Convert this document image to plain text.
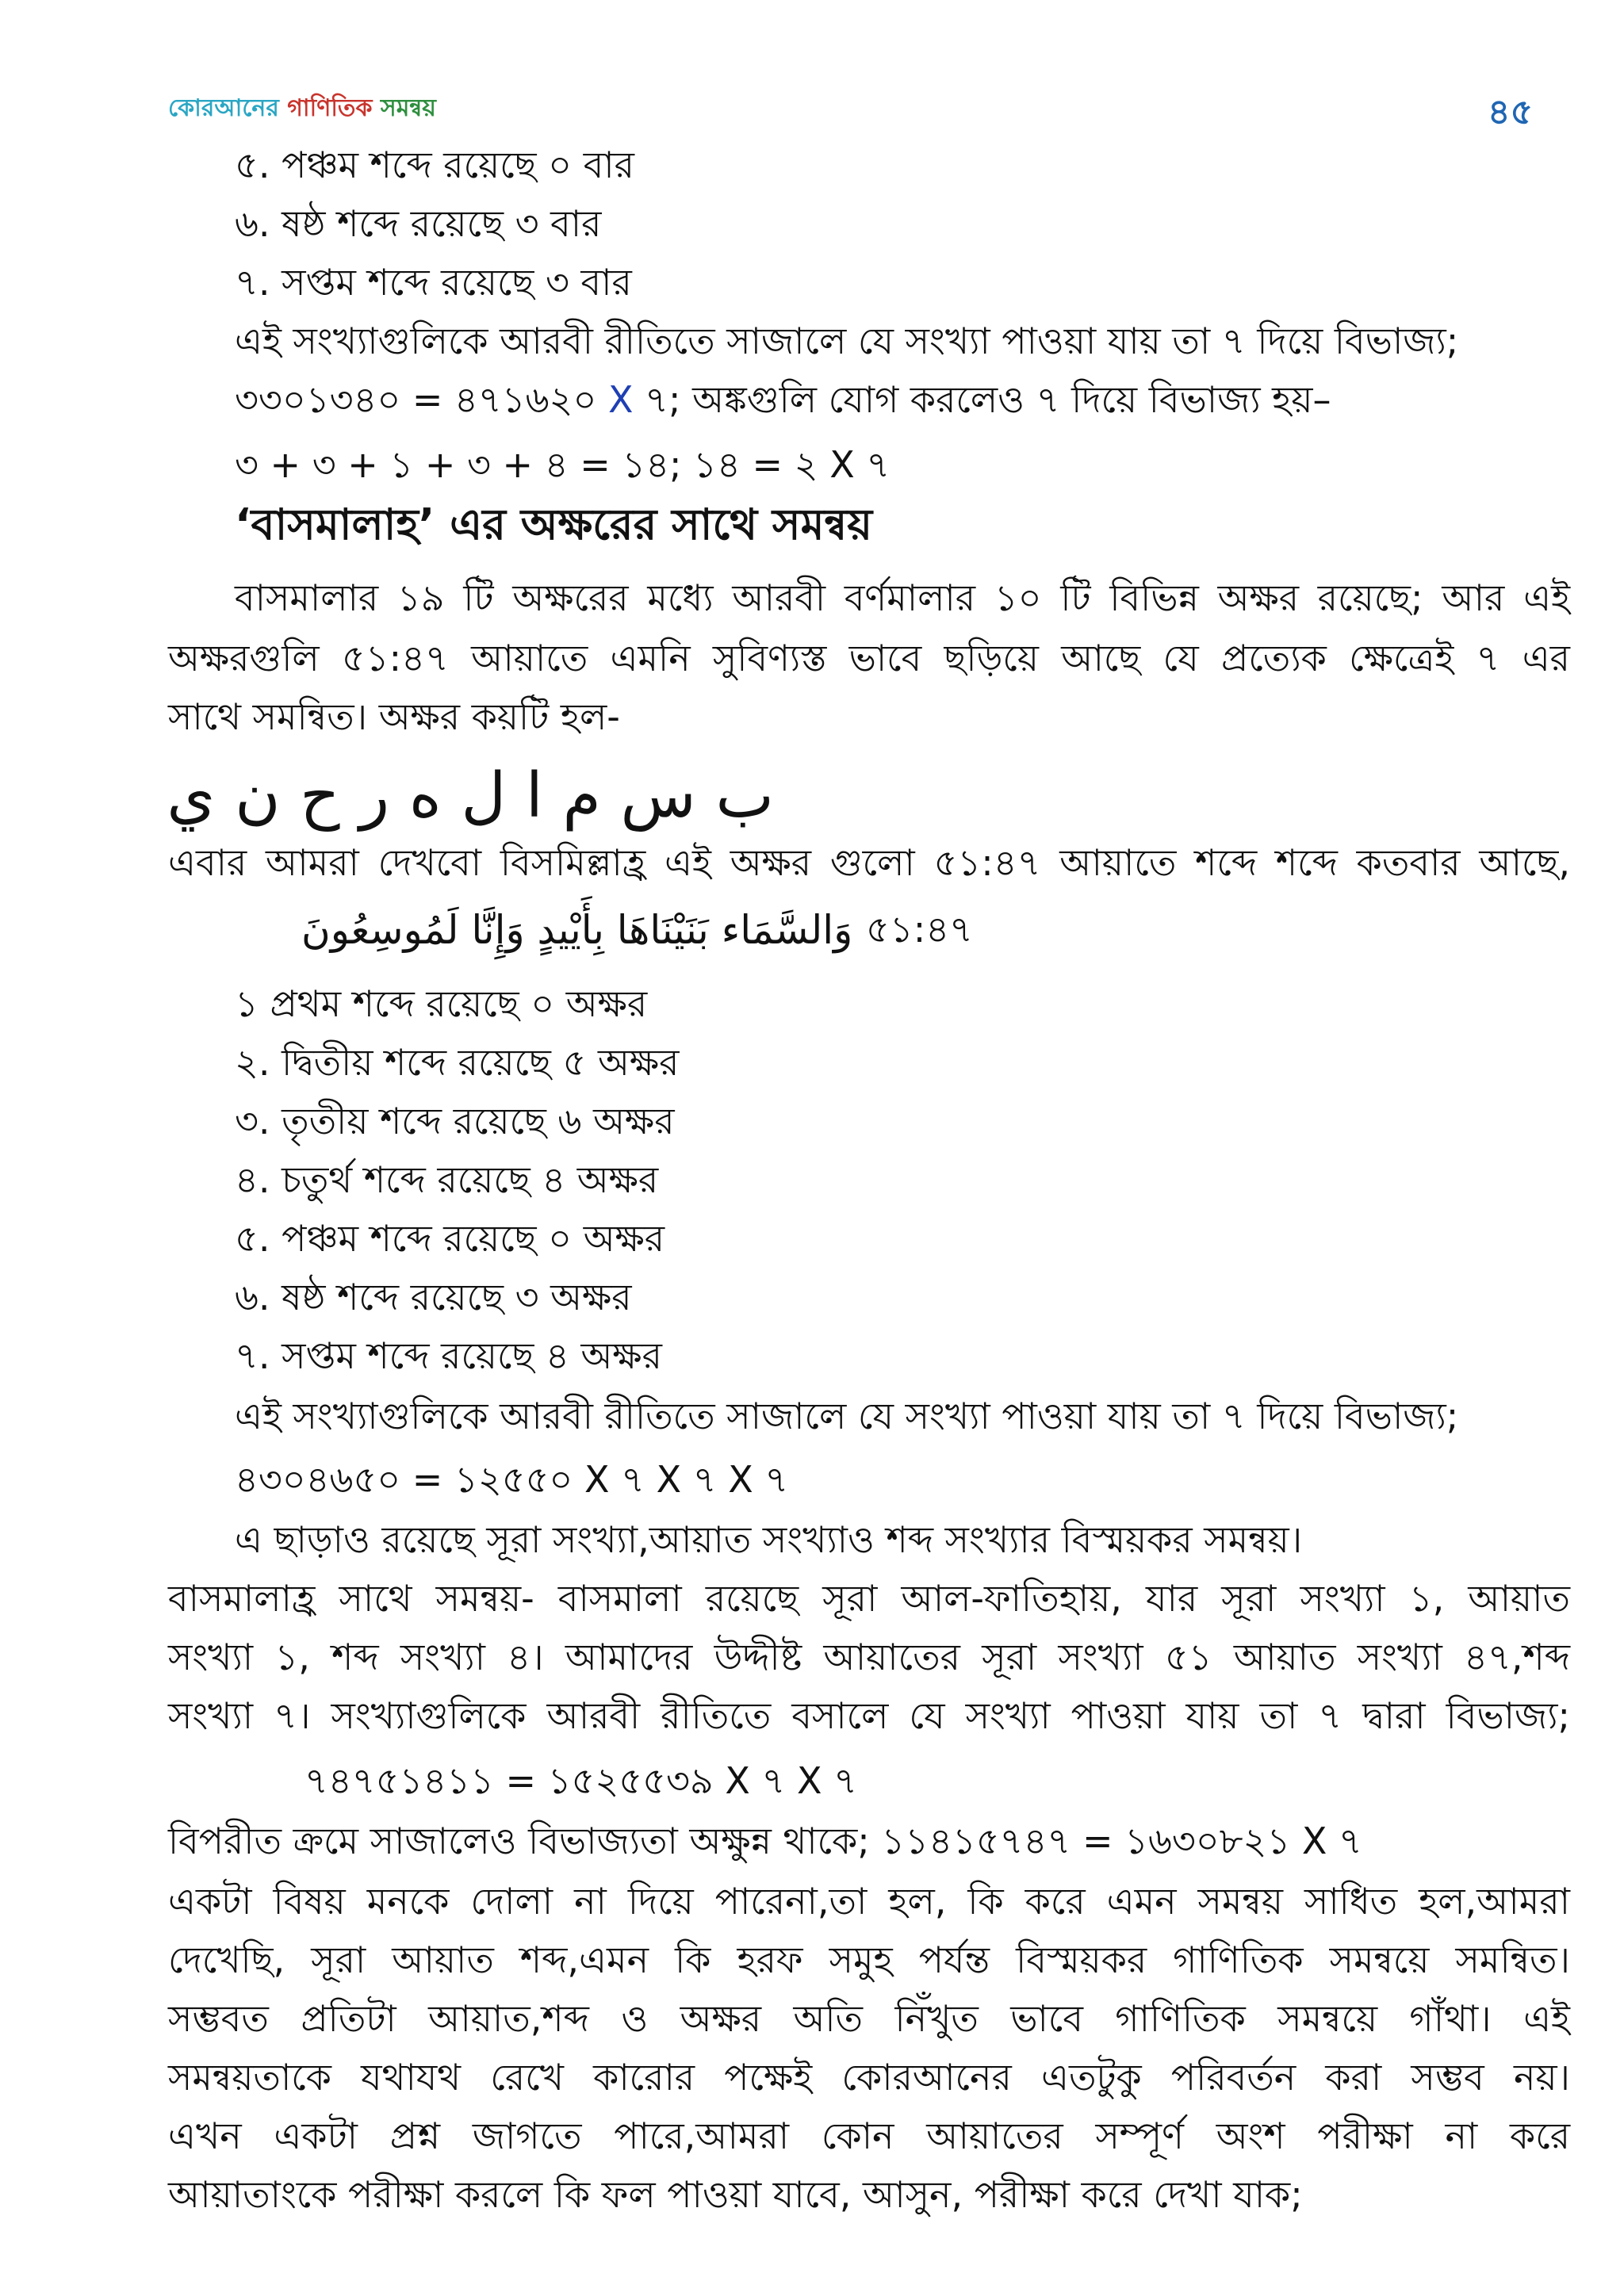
কোরআনের গাণিতিক সমন্বয়	৪৫
৫. পঞ্চম শব্দে রয়েছে ০ বার
৬. ষষ্ঠ শব্দে রয়েছে ৩ বার
৭. সপ্তম শব্দে রয়েছে ৩ বার
এই সংখ্যাগুলিকে আরবী রীতিতে সাজালে যে সংখ্যা পাওয়া যায় তা ৭ দিয়ে বিভাজ্য;
৩৩০১৩৪০ = ৪৭১৬২০ X ৭; অঙ্কগুলি যোগ করলেও ৭ দিয়ে বিভাজ্য হয়–
৩ + ৩ + ১ + ৩ + ৪ = ১৪; ১৪ = ২ X ৭
‘বাসমালাহ’ এর অক্ষরের সাথে সমন্বয়
বাসমালার ১৯ টি অক্ষরের মধ্যে আরবী বর্ণমালার ১০ টি বিভিন্ন অক্ষর রয়েছে; আর এই
অক্ষরগুলি ৫১:৪৭ আয়াতে এমনি সুবিণ্যস্ত ভাবে ছড়িয়ে আছে যে প্রত্যেক ক্ষেত্রেই ৭ এর
সাথে সমন্বিত। অক্ষর কয়টি হল-
ب س م ا ل ه ر ح ن ي
এবার আমরা দেখবো বিসমিল্লাহ্র এই অক্ষর গুলো ৫১:৪৭ আয়াতে শব্দে শব্দে কতবার আছে,
وَالسَّمَاء بَنَيْنَاهَا بِأَيْيدٍ وَإِنَّا لَمُوسِعُونَ ৫১:৪৭
১ প্রথম শব্দে রয়েছে ০ অক্ষর
২. দ্বিতীয় শব্দে রয়েছে ৫ অক্ষর
৩. তৃতীয় শব্দে রয়েছে ৬ অক্ষর
৪. চতুর্থ শব্দে রয়েছে ৪ অক্ষর
৫. পঞ্চম শব্দে রয়েছে ০ অক্ষর
৬. ষষ্ঠ শব্দে রয়েছে ৩ অক্ষর
৭. সপ্তম শব্দে রয়েছে ৪ অক্ষর
এই সংখ্যাগুলিকে আরবী রীতিতে সাজালে যে সংখ্যা পাওয়া যায় তা ৭ দিয়ে বিভাজ্য;
৪৩০৪৬৫০ = ১২৫৫০ X ৭ X ৭ X ৭
এ ছাড়াও রয়েছে সূরা সংখ্যা,আয়াত সংখ্যাও শব্দ সংখ্যার বিস্ময়কর সমন্বয়।
বাসমালাহ্র সাথে সমন্বয়- বাসমালা রয়েছে সূরা আল-ফাতিহায়, যার সূরা সংখ্যা ১, আয়াত
সংখ্যা ১, শব্দ সংখ্যা ৪। আমাদের উদ্দীষ্ট আয়াতের সূরা সংখ্যা ৫১ আয়াত সংখ্যা ৪৭,শব্দ
সংখ্যা ৭। সংখ্যাগুলিকে আরবী রীতিতে বসালে যে সংখ্যা পাওয়া যায় তা ৭ দ্বারা বিভাজ্য;
৭৪৭৫১৪১১ = ১৫২৫৫৩৯ X ৭ X ৭
বিপরীত ক্রমে সাজালেও বিভাজ্যতা অক্ষুন্ন থাকে; ১১৪১৫৭৪৭ = ১৬৩০৮২১ X ৭
একটা বিষয় মনকে দোলা না দিয়ে পারেনা,তা হল, কি করে এমন সমন্বয় সাধিত হল,আমরা
দেখেছি, সূরা আয়াত শব্দ,এমন কি হরফ সমুহ পর্যন্ত বিস্ময়কর গাণিতিক সমন্বয়ে সমন্বিত।
সম্ভবত প্রতিটা আয়াত,শব্দ ও অক্ষর অতি নিঁখুত ভাবে গাণিতিক সমন্বয়ে গাঁথা। এই
সমন্বয়তাকে যথাযথ রেখে কারোর পক্ষেই কোরআনের এতটুকু পরিবর্তন করা সম্ভব নয়।
এখন একটা প্রশ্ন জাগতে পারে,আমরা কোন আয়াতের সম্পূর্ণ অংশ পরীক্ষা না করে
আয়াতাংকে পরীক্ষা করলে কি ফল পাওয়া যাবে, আসুন, পরীক্ষা করে দেখা যাক;
